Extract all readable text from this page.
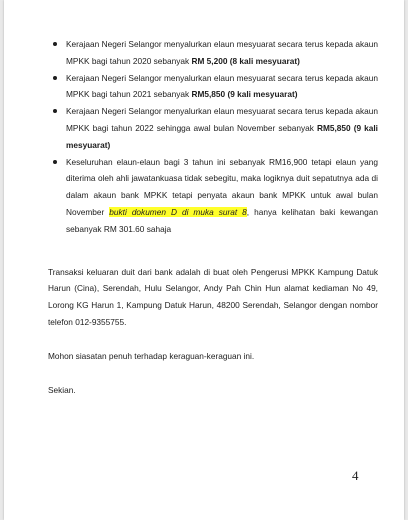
Kerajaan Negeri Selangor menyalurkan elaun mesyuarat secara terus kepada akaun MPKK bagi tahun 2020 sebanyak RM 5,200 (8 kali mesyuarat)
Kerajaan Negeri Selangor menyalurkan elaun mesyuarat secara terus kepada akaun MPKK bagi tahun 2021 sebanyak RM5,850 (9 kali mesyuarat)
Kerajaan Negeri Selangor menyalurkan elaun mesyuarat secara terus kepada akaun MPKK bagi tahun 2022 sehingga awal bulan November sebanyak RM5,850 (9 kali mesyuarat)
Keseluruhan elaun-elaun bagi 3 tahun ini sebanyak RM16,900 tetapi elaun yang diterima oleh ahli jawatankuasa tidak sebegitu, maka logiknya duit sepatutnya ada di dalam akaun bank MPKK tetapi penyata akaun bank MPKK untuk awal bulan November bukti dokumen D di muka surat 8, hanya kelihatan baki kewangan sebanyak RM 301.60 sahaja

Transaksi keluaran duit dari bank adalah di buat oleh Pengerusi MPKK Kampung Datuk Harun (Cina), Serendah, Hulu Selangor, Andy Pah Chin Hun alamat kediaman No 49, Lorong KG Harun 1, Kampung Datuk Harun, 48200 Serendah, Selangor dengan nombor telefon 012-9355755.

Mohon siasatan penuh terhadap keraguan-keraguan ini.

Sekian.

4
